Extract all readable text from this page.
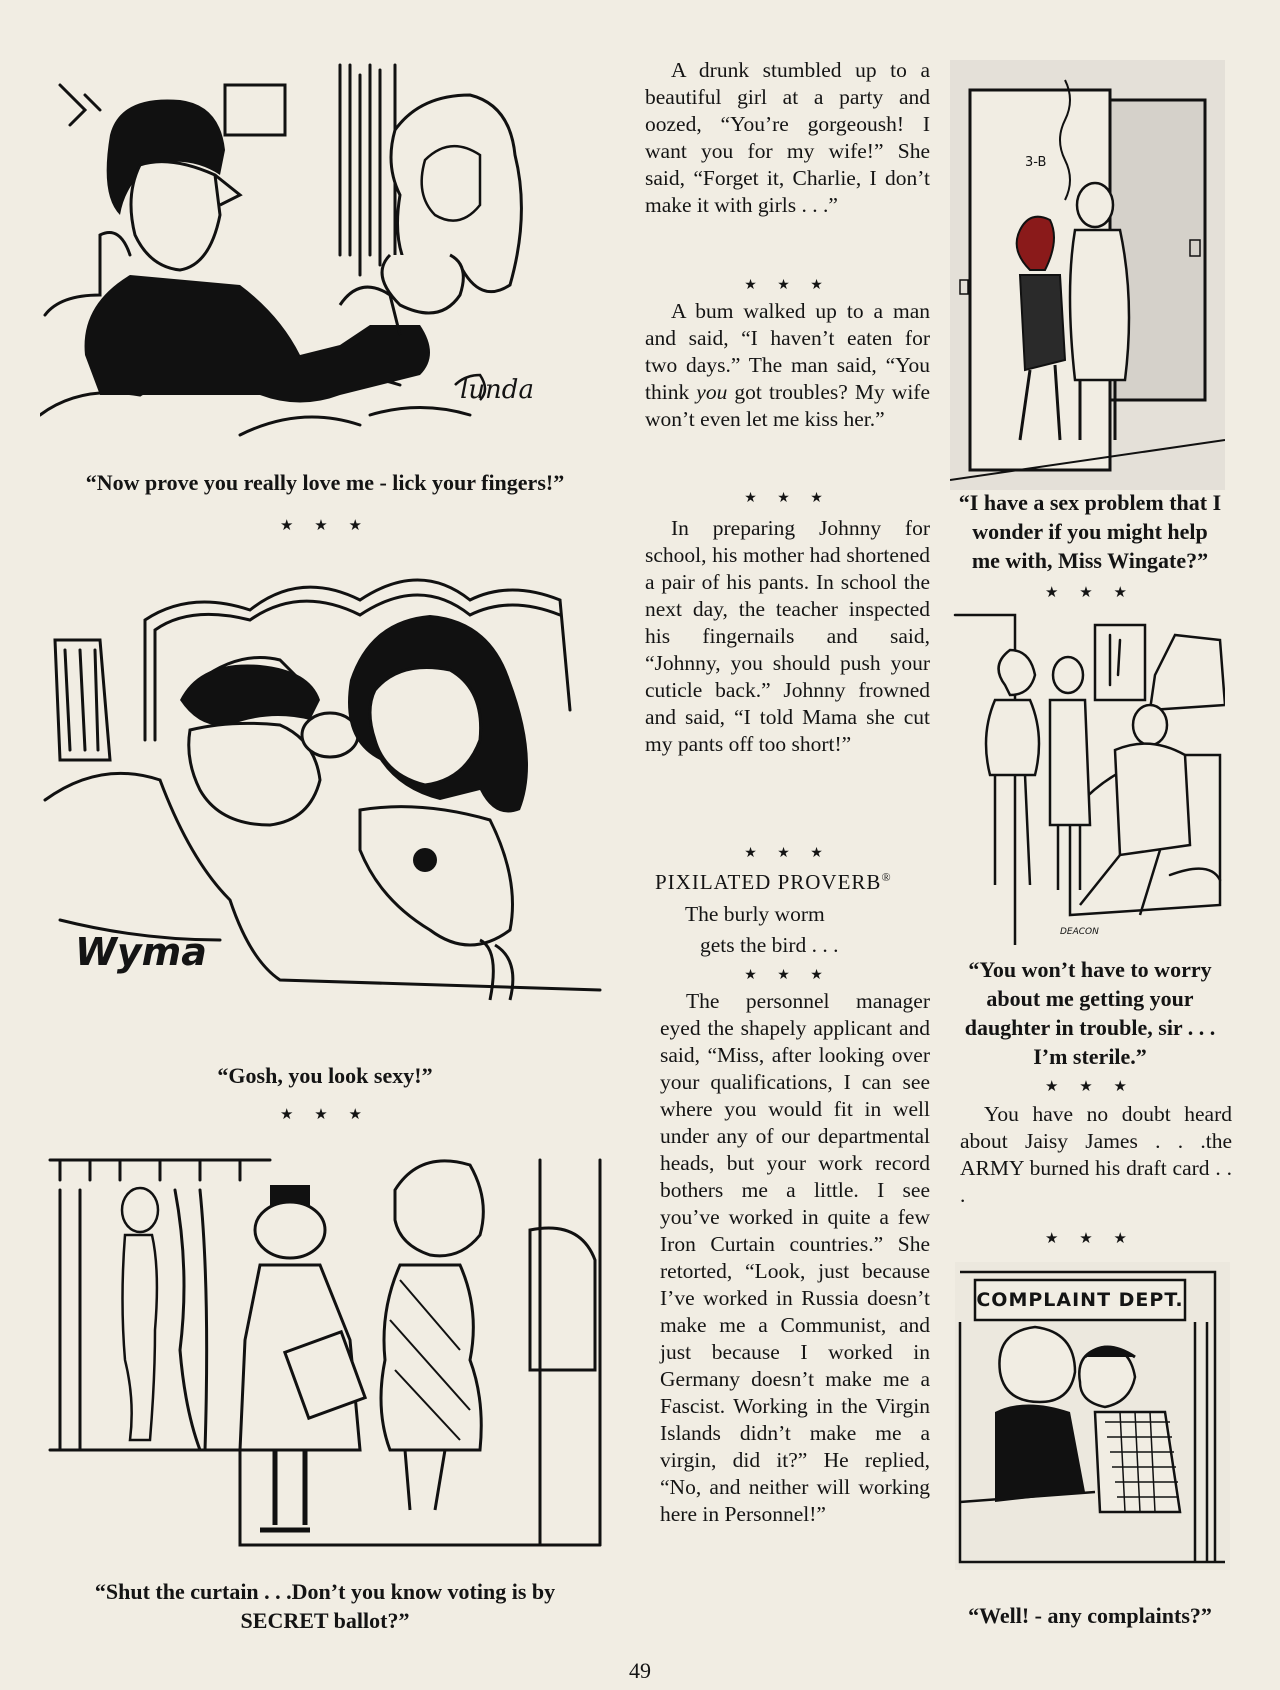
lunda
“Now prove you really love me - lick your fingers!”
★ ★ ★
Wyma
“Gosh, you look sexy!”
★ ★ ★
“Shut the curtain . . .Don’t you know voting is by
SECRET ballot?”

A drunk stumbled up to a beautiful girl at a party and oozed, “You’re gorgeoush! I want you for my wife!” She said, “Forget it, Charlie, I don’t make it with girls . . .”

★ ★ ★

A bum walked up to a man and said, “I haven’t eaten for two days.” The man said, “You think you got troubles? My wife won’t even let me kiss her.”

★ ★ ★

In preparing Johnny for school, his mother had shortened a pair of his pants. In school the next day, the teacher inspected his fingernails and said, “Johnny, you should push your cuticle back.” Johnny frowned and said, “I told Mama she cut my pants off too short!”

★ ★ ★
PIXILATED PROVERB®
The burly worm
gets the bird . . .
★ ★ ★

The personnel manager eyed the shapely applicant and said, “Miss, after looking over your qualifications, I can see where you would fit in well under any of our departmental heads, but your work record bothers me a little. I see you’ve worked in quite a few Iron Curtain countries.” She retorted, “Look, just because I’ve worked in Russia doesn’t make me a Communist, and just because I worked in Germany doesn’t make me a Fascist. Working in the Virgin Islands didn’t make me a virgin, did it?” He replied, “No, and neither will working here in Personnel!”

3-B
“I have a sex problem that I
wonder if you might help
me with, Miss Wingate?”
★ ★ ★
DEACON
“You won’t have to worry
about me getting your
daughter in trouble, sir . . .
I’m sterile.”
★ ★ ★

You have no doubt heard about Jaisy James . . .the ARMY burned his draft card . . .

★ ★ ★
COMPLAINT DEPT.
“Well! - any complaints?”
49
